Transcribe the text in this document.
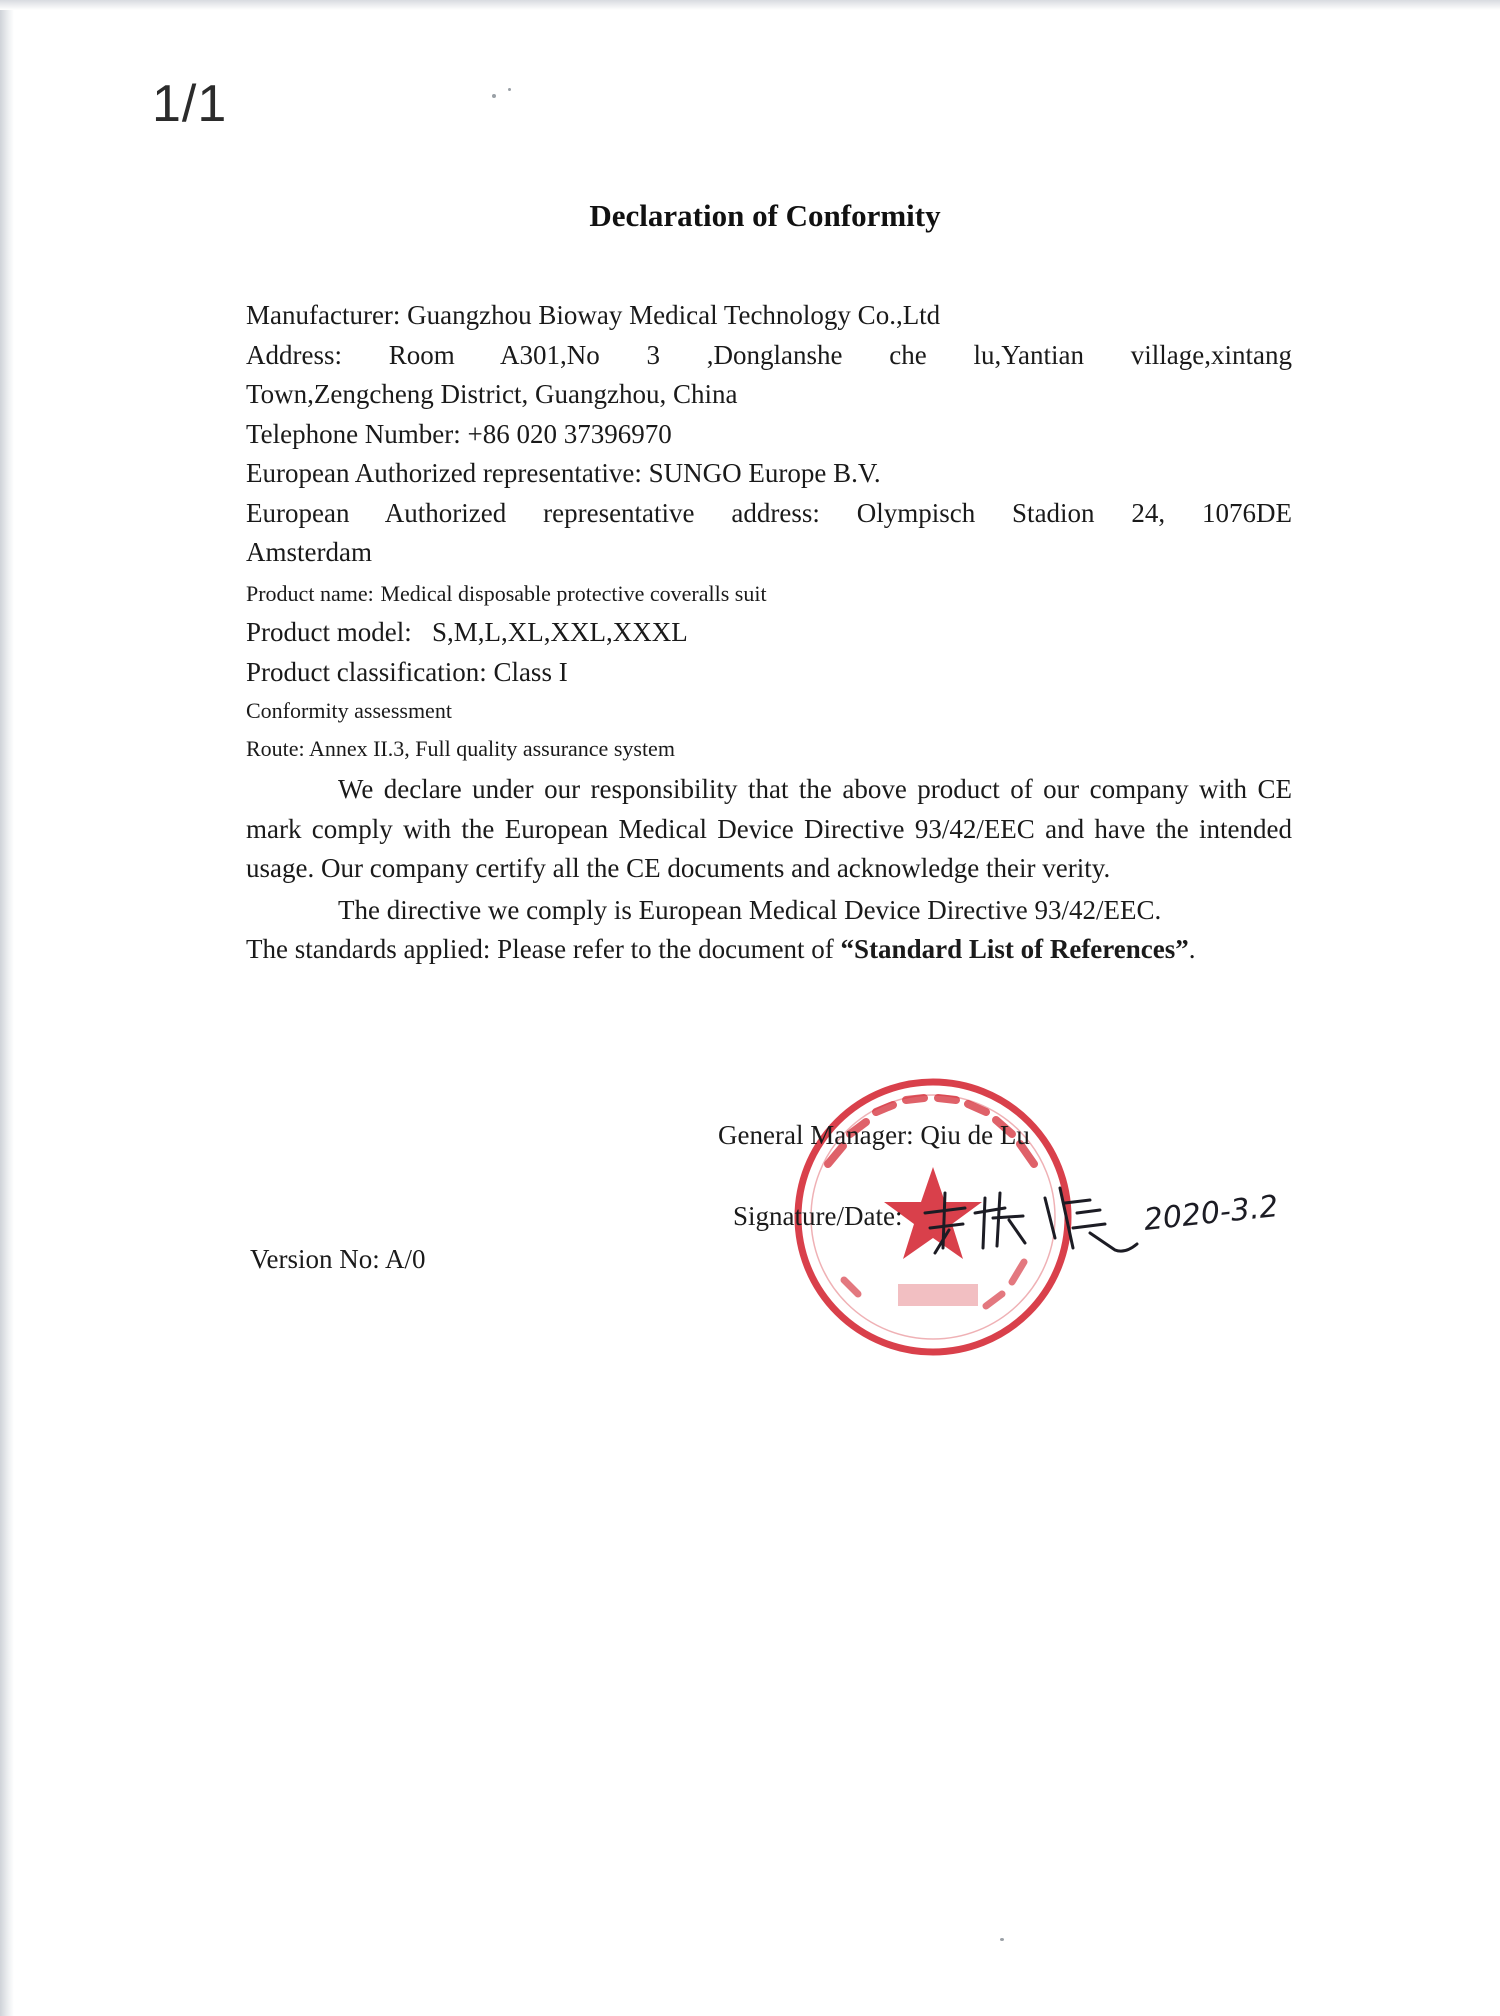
1/1
Declaration of Conformity
Manufacturer: Guangzhou Bioway Medical Technology Co.,Ltd
Address: Room A301,No 3 ,Donglanshe che lu,Yantian village,xintang
Town,Zengcheng District, Guangzhou, China
Telephone Number: +86 020 37396970
European Authorized representative: SUNGO Europe B.V.
European Authorized representative address: Olympisch Stadion 24, 1076DE
Amsterdam
Product name: Medical disposable protective coveralls suit
Product model: S,M,L,XL,XXL,XXXL
Product classification: Class I
Conformity assessment
Route: Annex II.3, Full quality assurance system
We declare under our responsibility that the above product of our company with CE mark comply with the European Medical Device Directive 93/42/EEC and have the intended usage. Our company certify all the CE documents and acknowledge their verity.
The directive we comply is European Medical Device Directive 93/42/EEC.
The standards applied: Please refer to the document of “Standard List of References”.
General Manager: Qiu de Lu
Signature/Date:	2020-3.2
Version No: A/0
